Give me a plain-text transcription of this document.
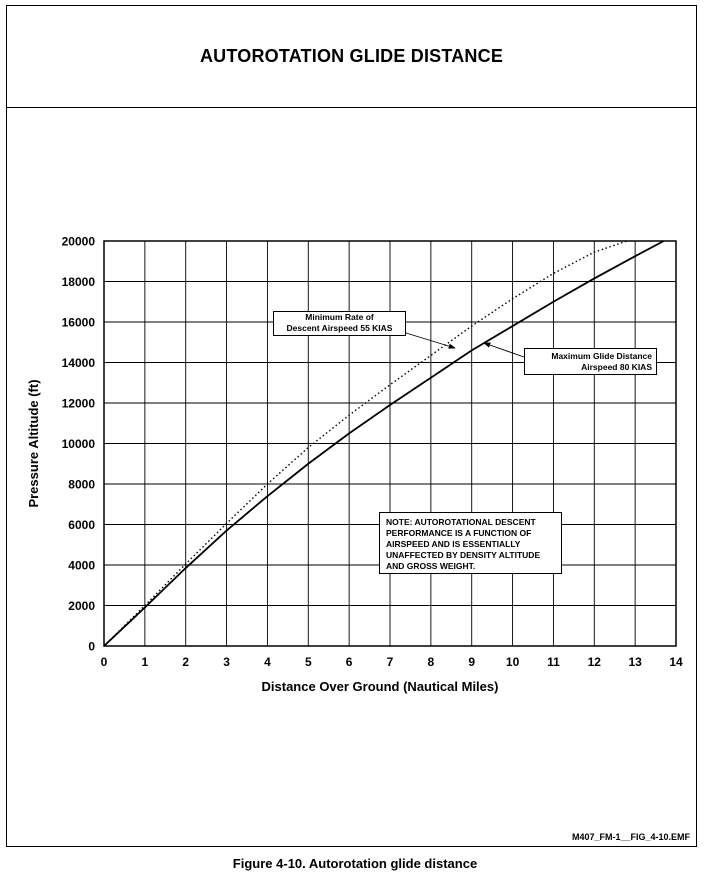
AUTOROTATION GLIDE DISTANCE
M407_FM-1__FIG_4-10.EMF
0	1	2	3	4	5	6	7	8	9	10 11 12 13 14
0
2000
4000
6000
8000
10000
12000
14000
16000
18000
20000
Distance Over Ground (Nautical Miles)
Pressure Altitude (ft)
Minimum Rate of
Descent Airspeed 55 KIAS
Maximum Glide Distance
Airspeed 80 KIAS
NOTE: AUTOROTATIONAL DESCENT
PERFORMANCE IS A FUNCTION OF
AIRSPEED AND IS ESSENTIALLY
UNAFFECTED BY DENSITY ALTITUDE
AND GROSS WEIGHT.
Figure 4-10. Autorotation glide distance
